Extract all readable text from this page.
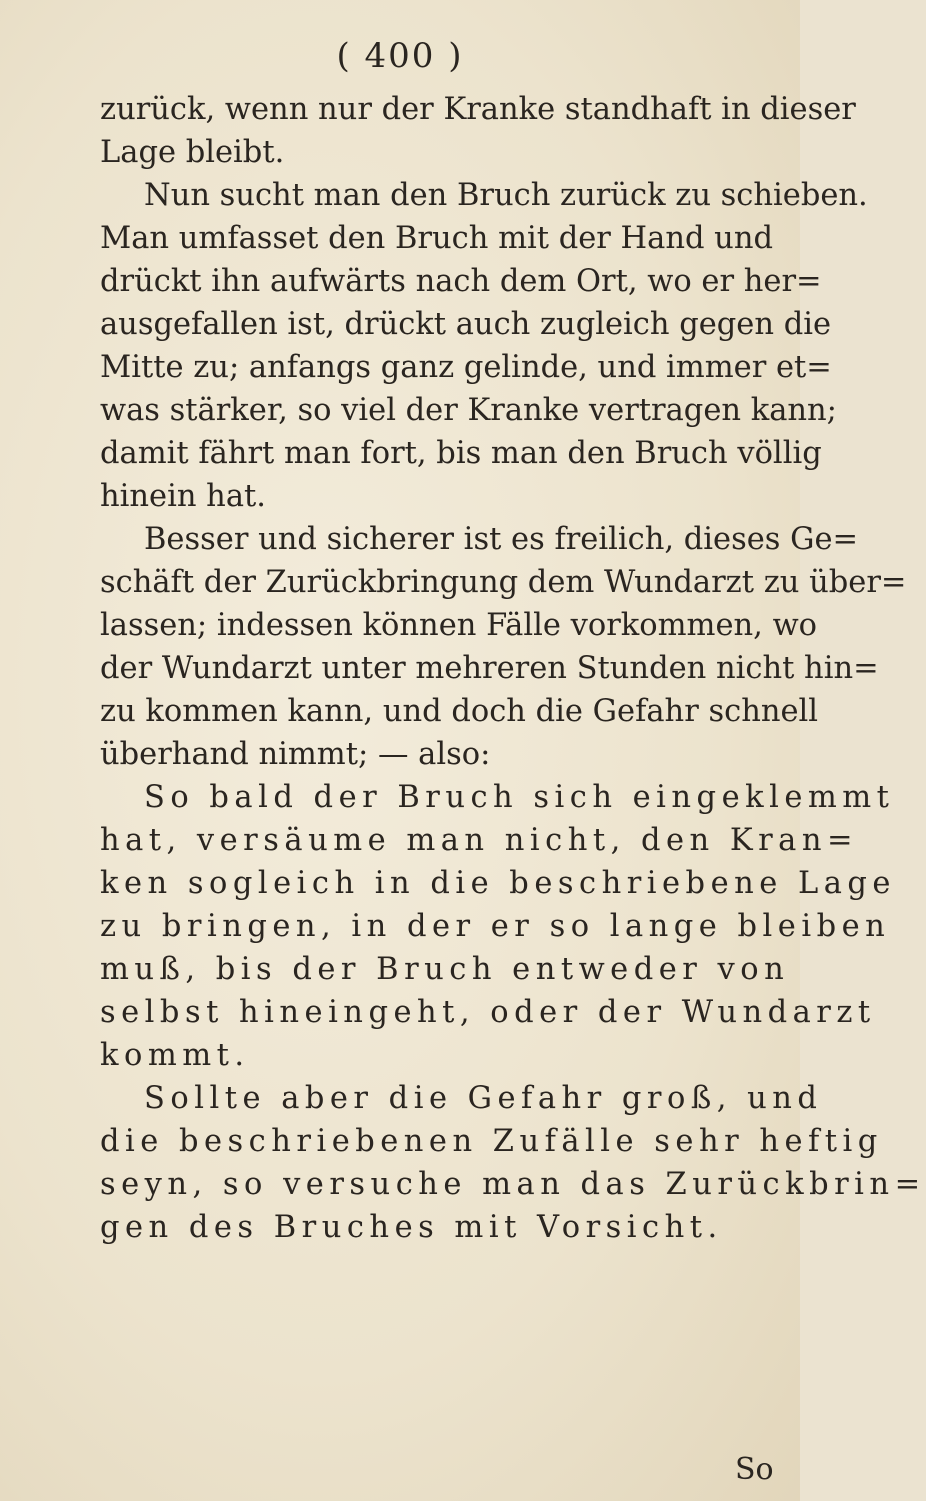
( 400 )
zurück, wenn nur der Kranke standhaft in dieser
Lage bleibt.
Nun sucht man den Bruch zurück zu schieben.
Man umfasset den Bruch mit der Hand und
drückt ihn aufwärts nach dem Ort, wo er her=
ausgefallen ist, drückt auch zugleich gegen die
Mitte zu; anfangs ganz gelinde, und immer et=
was stärker, so viel der Kranke vertragen kann;
damit fährt man fort, bis man den Bruch völlig
hinein hat.
Besser und sicherer ist es freilich, dieses Ge=
schäft der Zurückbringung dem Wundarzt zu über=
lassen; indessen können Fälle vorkommen, wo
der Wundarzt unter mehreren Stunden nicht hin=
zu kommen kann, und doch die Gefahr schnell
überhand nimmt; — also:
So bald der Bruch sich eingeklemmt
hat, versäume man nicht, den Kran=
ken sogleich in die beschriebene Lage
zu bringen, in der er so lange bleiben
muß, bis der Bruch entweder von
selbst hineingeht, oder der Wundarzt
kommt.
Sollte aber die Gefahr groß, und
die beschriebenen Zufälle sehr heftig
seyn, so versuche man das Zurückbrin=
gen des Bruches mit Vorsicht.
So
